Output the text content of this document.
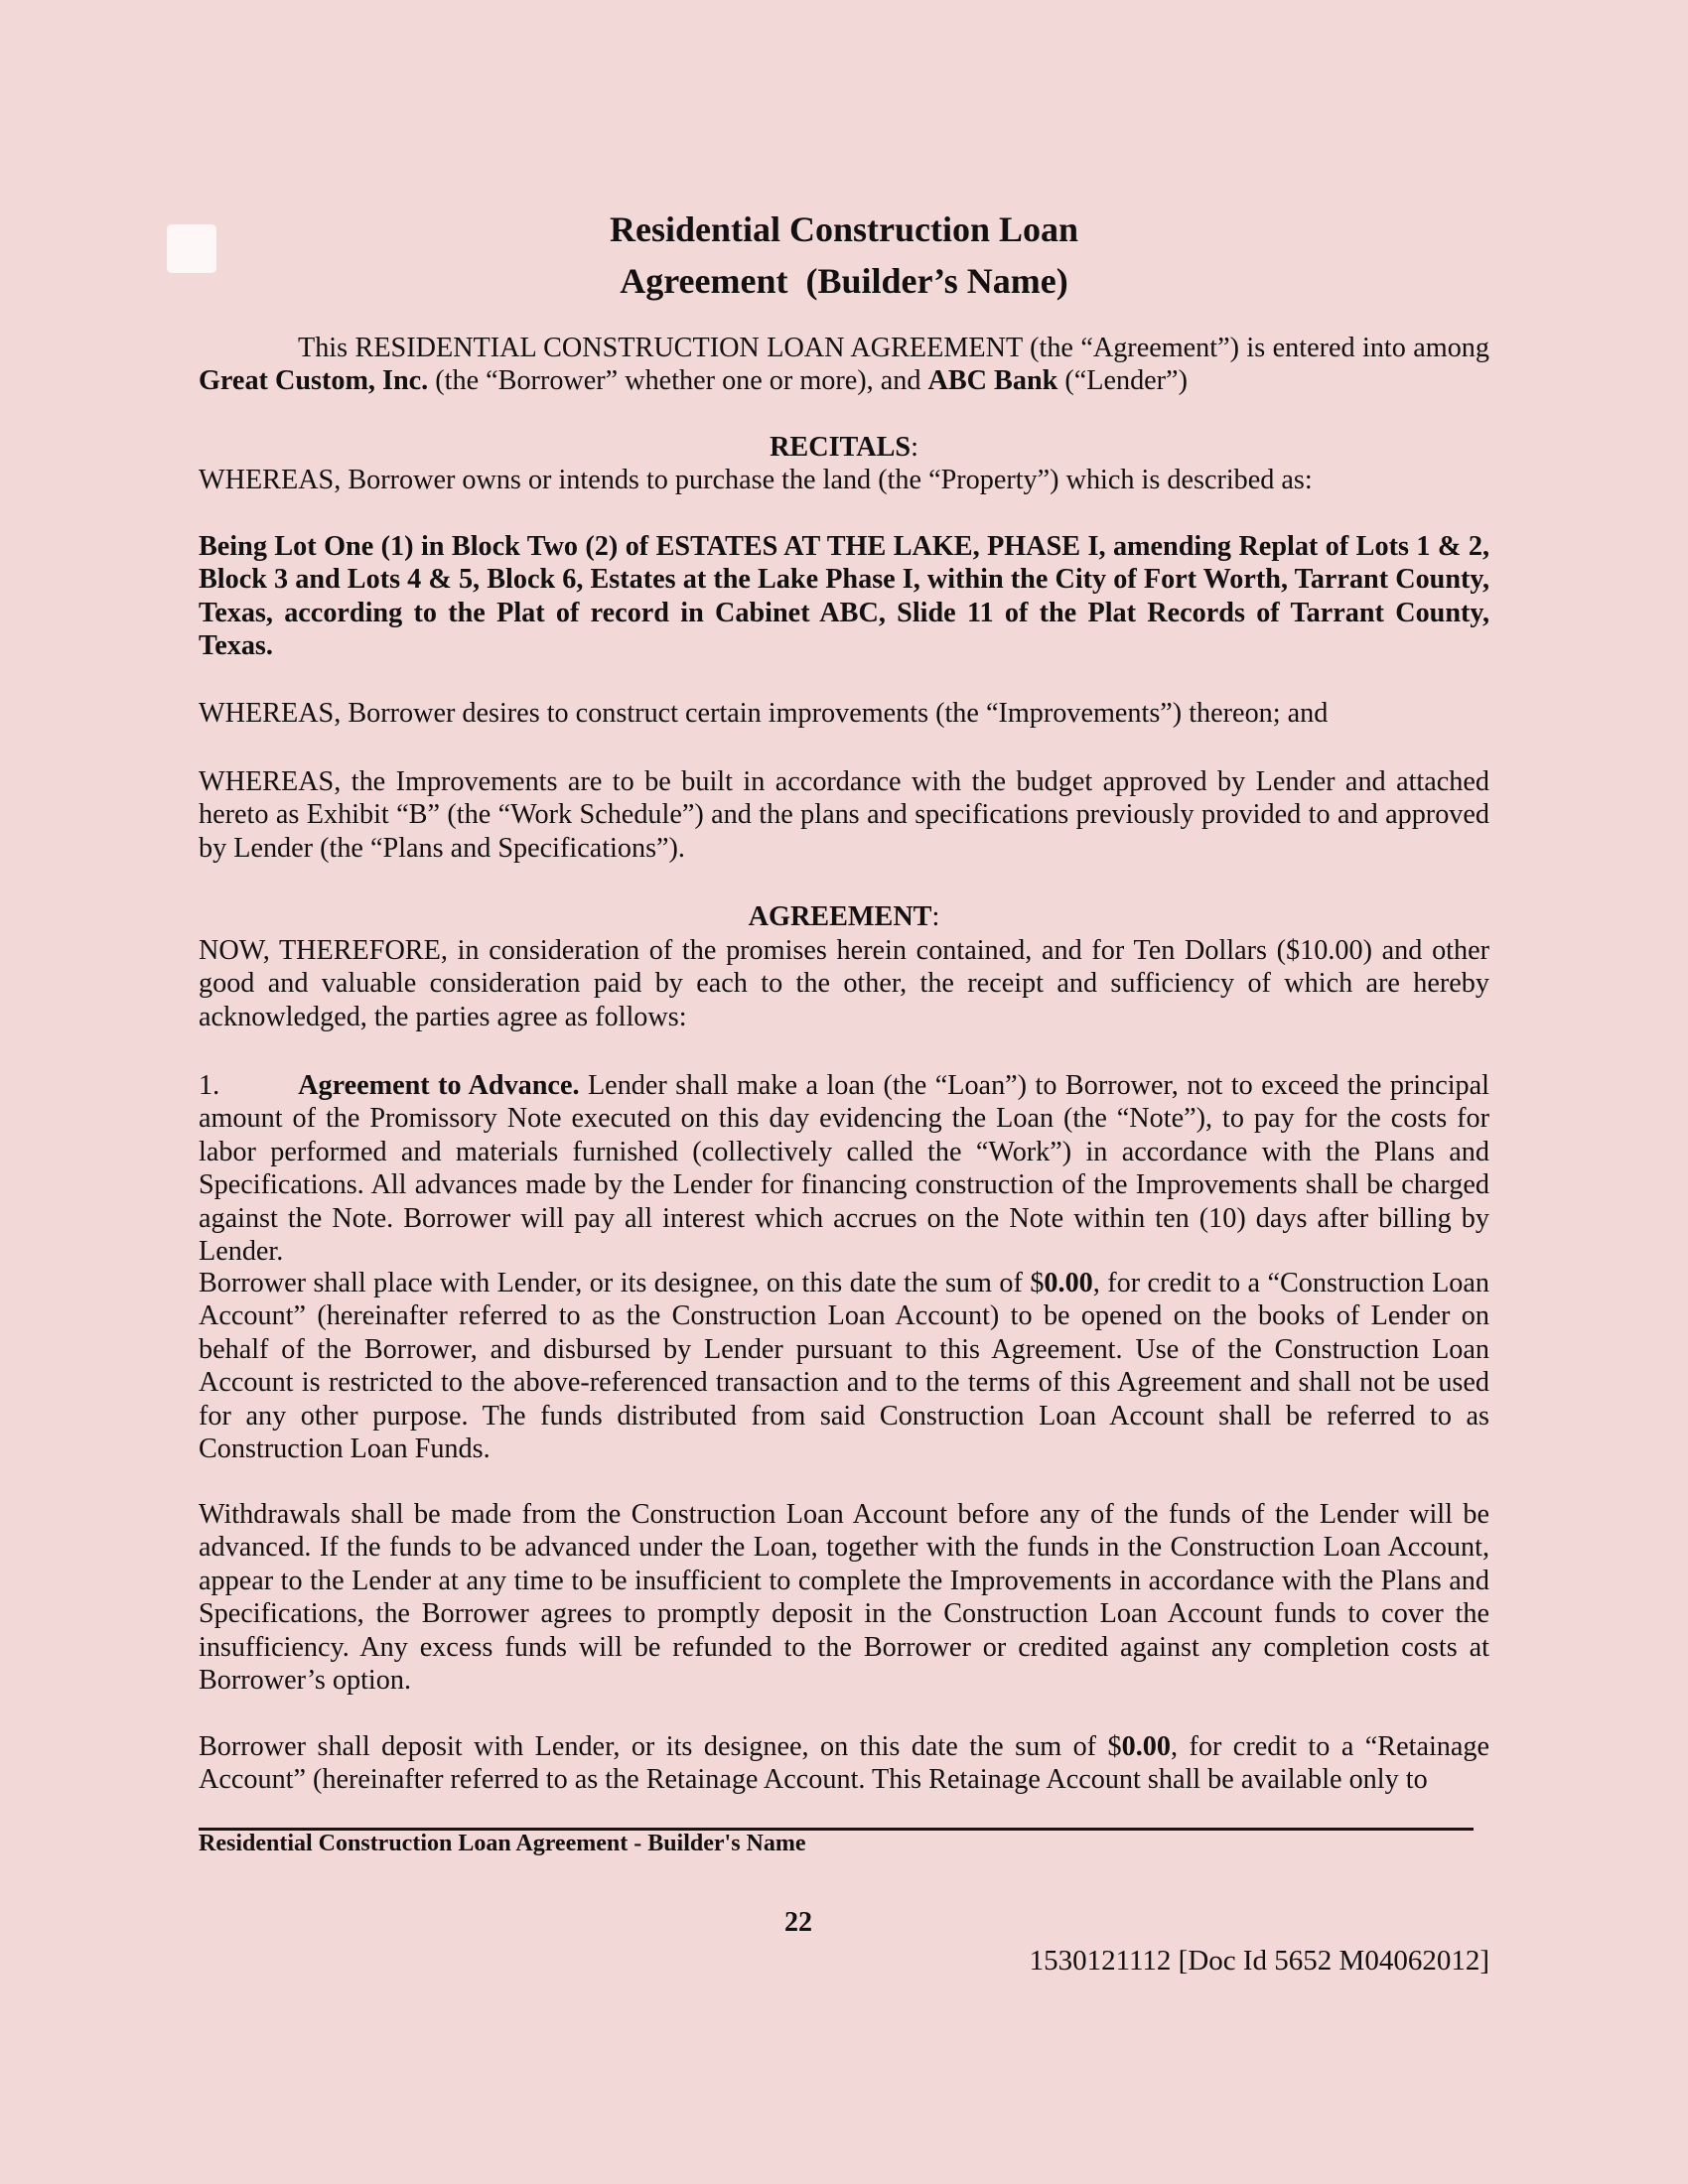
Residential Construction Loan
Agreement  (Builder’s Name)
This RESIDENTIAL CONSTRUCTION LOAN AGREEMENT (the “Agreement”) is entered into among Great Custom, Inc. (the “Borrower” whether one or more), and ABC Bank (“Lender”)
RECITALS:
WHEREAS, Borrower owns or intends to purchase the land (the “Property”) which is described as:
Being Lot One (1) in Block Two (2) of ESTATES AT THE LAKE, PHASE I, amending Replat of Lots 1 & 2, Block 3 and Lots 4 & 5, Block 6, Estates at the Lake Phase I, within the City of Fort Worth, Tarrant County, Texas, according to the Plat of record in Cabinet ABC, Slide 11 of the Plat Records of Tarrant County, Texas.
WHEREAS, Borrower desires to construct certain improvements (the “Improvements”) thereon; and
WHEREAS, the Improvements are to be built in accordance with the budget approved by Lender and attached hereto as Exhibit “B” (the “Work Schedule”) and the plans and specifications previously provided to and approved by Lender (the “Plans and Specifications”).
AGREEMENT:
NOW, THEREFORE, in consideration of the promises herein contained, and for Ten Dollars ($10.00) and other good and valuable consideration paid by each to the other, the receipt and sufficiency of which are hereby acknowledged, the parties agree as follows:
1.	Agreement to Advance. Lender shall make a loan (the “Loan”) to Borrower, not to exceed the principal amount of the Promissory Note executed on this day evidencing the Loan (the “Note”), to pay for the costs for labor performed and materials furnished (collectively called the “Work”) in accordance with the Plans and Specifications. All advances made by the Lender for financing construction of the Improvements shall be charged against the Note. Borrower will pay all interest which accrues on the Note within ten (10) days after billing by Lender.
Borrower shall place with Lender, or its designee, on this date the sum of $0.00, for credit to a “Construction Loan Account” (hereinafter referred to as the Construction Loan Account) to be opened on the books of Lender on behalf of the Borrower, and disbursed by Lender pursuant to this Agreement. Use of the Construction Loan Account is restricted to the above-referenced transaction and to the terms of this Agreement and shall not be used for any other purpose. The funds distributed from said Construction Loan Account shall be referred to as Construction Loan Funds.
Withdrawals shall be made from the Construction Loan Account before any of the funds of the Lender will be advanced. If the funds to be advanced under the Loan, together with the funds in the Construction Loan Account, appear to the Lender at any time to be insufficient to complete the Improvements in accordance with the Plans and Specifications, the Borrower agrees to promptly deposit in the Construction Loan Account funds to cover the insufficiency. Any excess funds will be refunded to the Borrower or credited against any completion costs at Borrower’s option.
Borrower shall deposit with Lender, or its designee, on this date the sum of $0.00, for credit to a “Retainage Account” (hereinafter referred to as the Retainage Account. This Retainage Account shall be available only to
Residential Construction Loan Agreement - Builder's Name
22
1530121112 [Doc Id 5652 M04062012]
